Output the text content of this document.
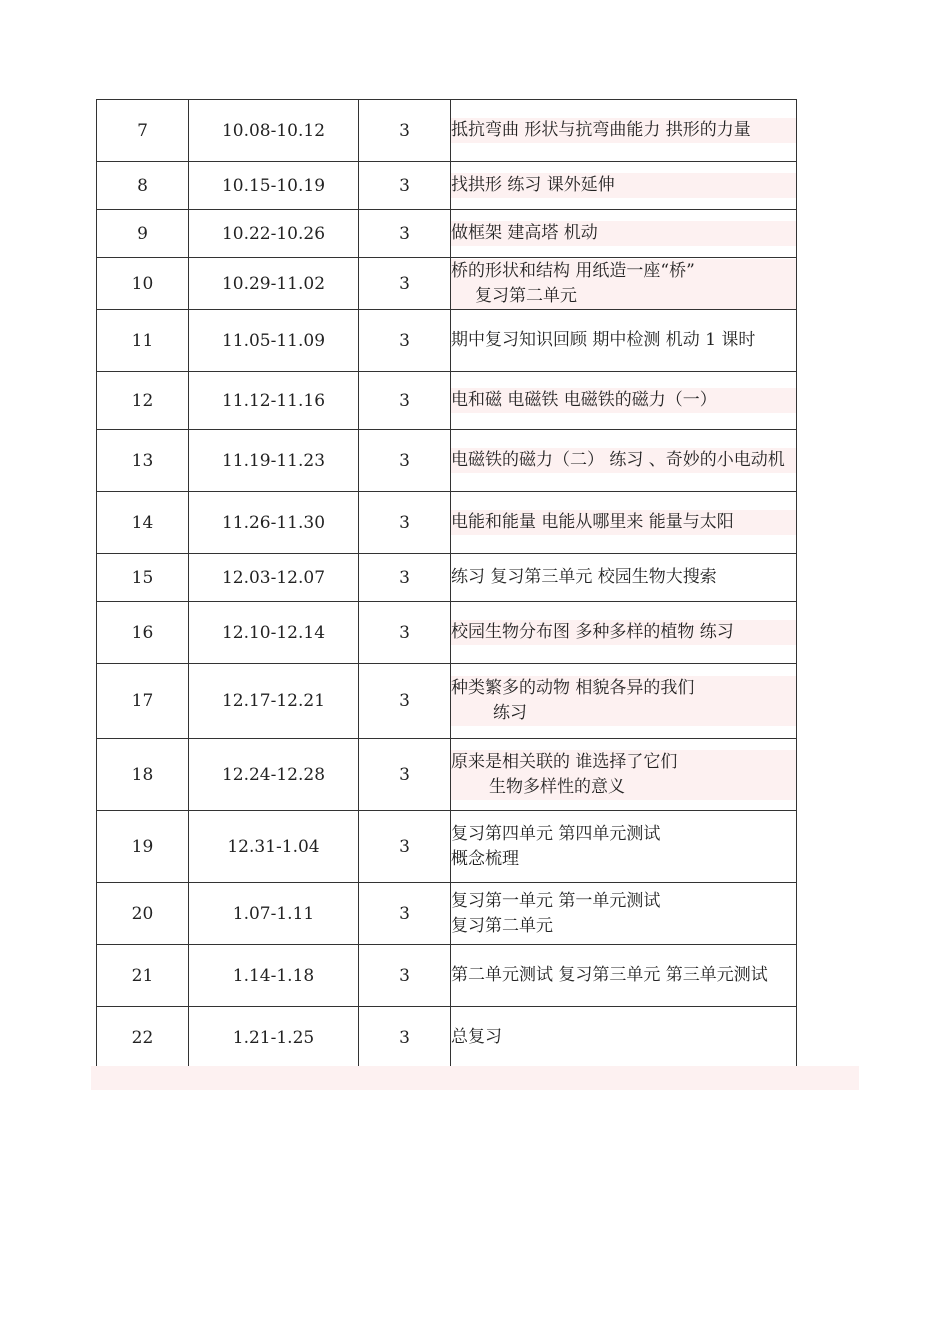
7	10.08-10.12	3	抵抗弯曲 形状与抗弯曲能力 拱形的力量

8	10.15-10.19	3	找拱形 练习 课外延伸

9	10.22-10.26	3	做框架 建高塔 机动

10	10.29-11.02	3	桥的形状和结构 用纸造一座“桥”
复习第二单元

11	11.05-11.09	3	期中复习知识回顾 期中检测 机动 1 课时

12	11.12-11.16	3	电和磁 电磁铁 电磁铁的磁力（一）

13	11.19-11.23	3	电磁铁的磁力（二） 练习 、奇妙的小电动机

14	11.26-11.30	3	电能和能量 电能从哪里来 能量与太阳

15	12.03-12.07	3	练习 复习第三单元 校园生物大搜索

16	12.10-12.14	3	校园生物分布图 多种多样的植物 练习

17	12.17-12.21	3	种类繁多的动物 相貌各异的我们
练习

18	12.24-12.28	3	原来是相关联的 谁选择了它们
生物多样性的意义

19	12.31-1.04	3	复习第四单元 第四单元测试
概念梳理

20	1.07-1.11	3	复习第一单元 第一单元测试
复习第二单元

21	1.14-1.18	3	第二单元测试 复习第三单元 第三单元测试

22	1.21-1.25	3	总复习
